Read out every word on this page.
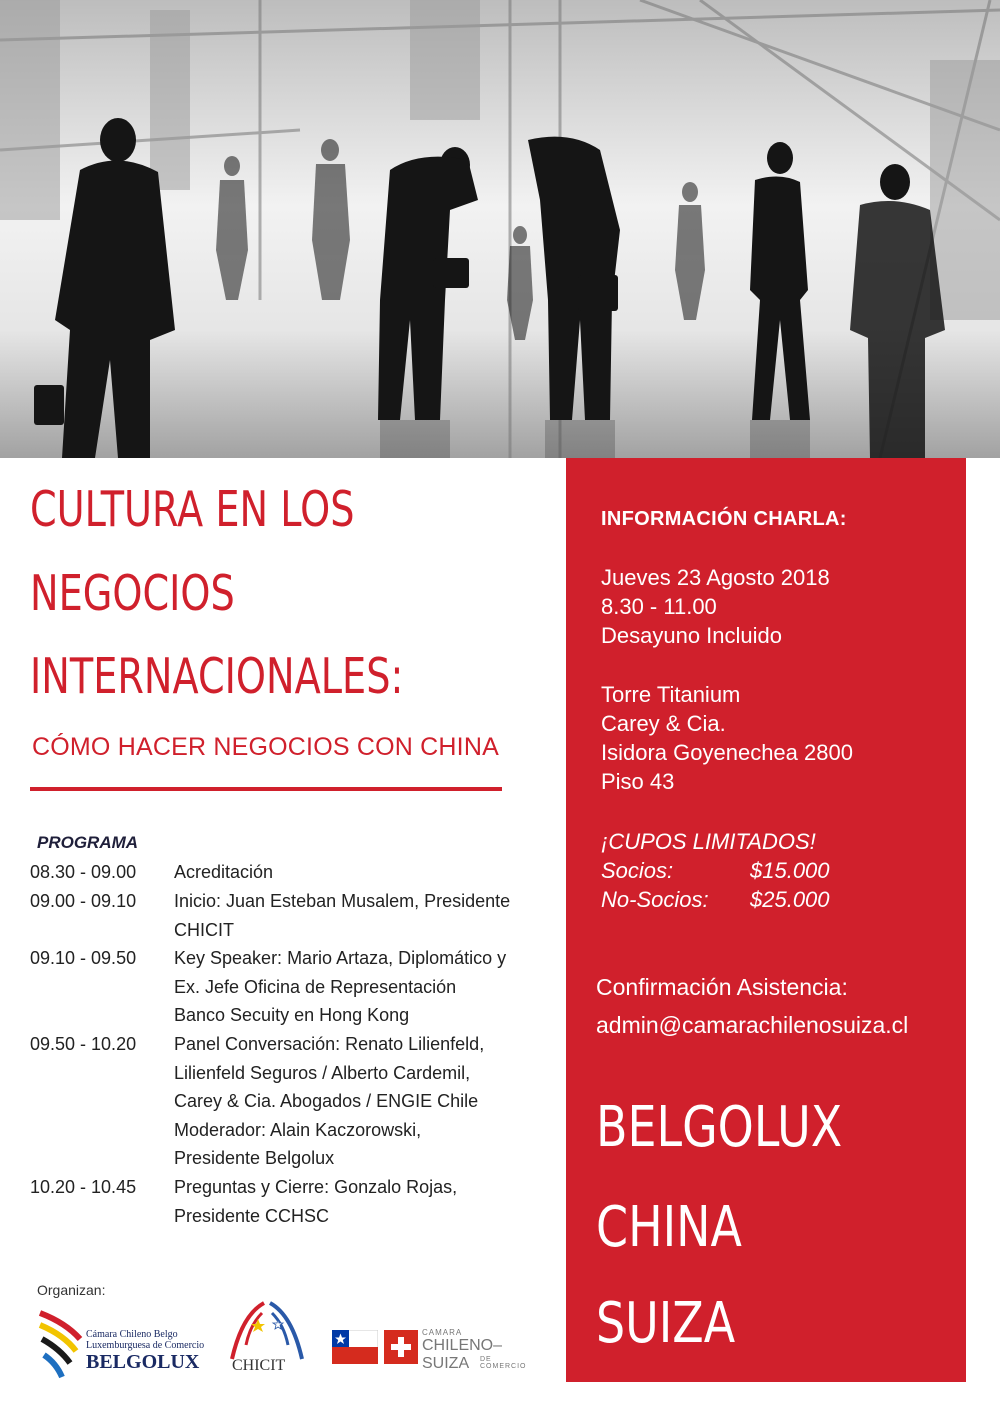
CULTURA EN LOS
NEGOCIOS
INTERNACIONALES:
CÓMO HACER NEGOCIOS CON CHINA
PROGRAMA
08.30 - 09.00 Acreditación
09.00 - 09.10 Inicio: Juan Esteban Musalem, Presidente
CHICIT
09.10 - 09.50 Key Speaker: Mario Artaza, Diplomático y
Ex. Jefe Oficina de Representación
Banco Secuity en Hong Kong
09.50 - 10.20 Panel Conversación: Renato Lilienfeld,
Lilienfeld Seguros / Alberto Cardemil,
Carey & Cia. Abogados / ENGIE Chile
Moderador: Alain Kaczorowski,
Presidente Belgolux
10.20 - 10.45 Preguntas y Cierre: Gonzalo Rojas,
Presidente CCHSC
Organizan:
Cámara Chileno Belgo
Luxemburguesa de Comercio
BELGOLUX CHICIT
CAMARA
CHILENO–SUIZA	DE COMERCIO
INFORMACIÓN CHARLA:
Jueves 23 Agosto 2018
8.30 - 11.00
Desayuno Incluido
Torre Titanium
Carey & Cia.
Isidora Goyenechea 2800
Piso 43
¡CUPOS LIMITADOS!
Socios:	$15.000
No-Socios: $25.000
Confirmación Asistencia:
admin@camarachilenosuiza.cl
BELGOLUX
CHINA
SUIZA
